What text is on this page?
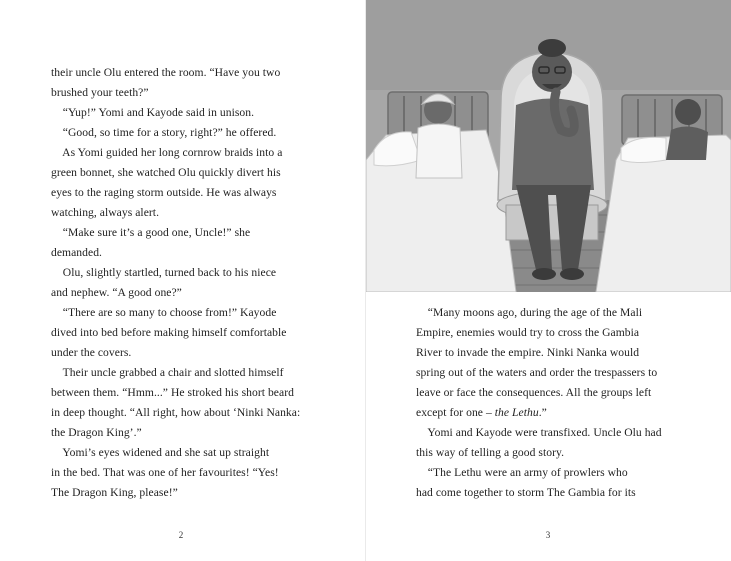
their uncle Olu entered the room. “Have you two
brushed your teeth?”
“Yup!” Yomi and Kayode said in unison.
“Good, so time for a story, right?” he offered.
As Yomi guided her long cornrow braids into a
green bonnet, she watched Olu quickly divert his
eyes to the raging storm outside. He was always
watching, always alert.
“Make sure it’s a good one, Uncle!” she
demanded.
Olu, slightly startled, turned back to his niece
and nephew. “A good one?”
“There are so many to choose from!” Kayode
dived into bed before making himself comfortable
under the covers.
Their uncle grabbed a chair and slotted himself
between them. “Hmm...” He stroked his short beard
in deep thought. “All right, how about ‘Ninki Nanka:
the Dragon King’.”
Yomi’s eyes widened and she sat up straight
in the bed. That was one of her favourites! “Yes!
The Dragon King, please!”
2
“Many moons ago, during the age of the Mali
Empire, enemies would try to cross the Gambia
River to invade the empire. Ninki Nanka would
spring out of the waters and order the trespassers to
leave or face the consequences. All the groups left
except for one – the Lethu.”
Yomi and Kayode were transfixed. Uncle Olu had
this way of telling a good story.
“The Lethu were an army of prowlers who
had come together to storm The Gambia for its
3
